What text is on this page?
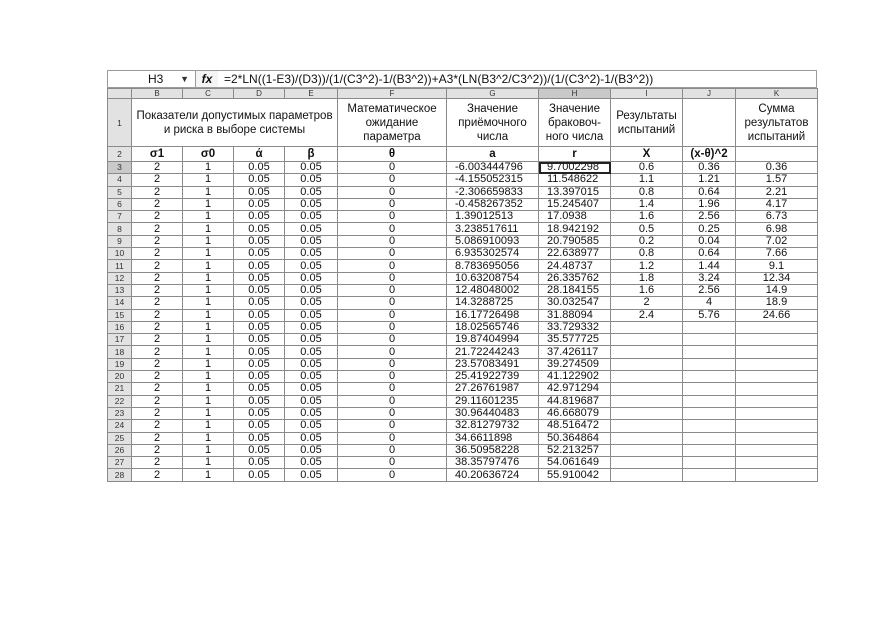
H3 ▼	fx =2*LN((1-E3)/(D3))/(1/(C3^2)-1/(B3^2))+A3*(LN(B3^2/C3^2))/(1/(C3^2)-1/(B3^2))
	B	C	D	E	F	G	H	I	J	K
1	Показатели допустимых параметров и риска в выборе системы				Математическое ожидание параметра	Значение приёмочного числа	Значение браковоч-ного числа	Результаты испытаний		Сумма результатов испытаний
2	σ1	σ0	ά	β	θ	a	r	X	(x-θ)^2	
3	2	1	0.05	0.05	0	-6.003444796	9.7002298	0.6	0.36	0.36
4	2	1	0.05	0.05	0	-4.155052315	11.548622	1.1	1.21	1.57
5	2	1	0.05	0.05	0	-2.306659833	13.397015	0.8	0.64	2.21
6	2	1	0.05	0.05	0	-0.458267352	15.245407	1.4	1.96	4.17
7	2	1	0.05	0.05	0	1.39012513	17.0938	1.6	2.56	6.73
8	2	1	0.05	0.05	0	3.238517611	18.942192	0.5	0.25	6.98
9	2	1	0.05	0.05	0	5.086910093	20.790585	0.2	0.04	7.02
10	2	1	0.05	0.05	0	6.935302574	22.638977	0.8	0.64	7.66
11	2	1	0.05	0.05	0	8.783695056	24.48737	1.2	1.44	9.1
12	2	1	0.05	0.05	0	10.63208754	26.335762	1.8	3.24	12.34
13	2	1	0.05	0.05	0	12.48048002	28.184155	1.6	2.56	14.9
14	2	1	0.05	0.05	0	14.3288725	30.032547	2	4	18.9
15	2	1	0.05	0.05	0	16.17726498	31.88094	2.4	5.76	24.66
16	2	1	0.05	0.05	0	18.02565746	33.729332			
17	2	1	0.05	0.05	0	19.87404994	35.577725			
18	2	1	0.05	0.05	0	21.72244243	37.426117			
19	2	1	0.05	0.05	0	23.57083491	39.274509			
20	2	1	0.05	0.05	0	25.41922739	41.122902			
21	2	1	0.05	0.05	0	27.26761987	42.971294			
22	2	1	0.05	0.05	0	29.11601235	44.819687			
23	2	1	0.05	0.05	0	30.96440483	46.668079			
24	2	1	0.05	0.05	0	32.81279732	48.516472			
25	2	1	0.05	0.05	0	34.6611898	50.364864			
26	2	1	0.05	0.05	0	36.50958228	52.213257			
27	2	1	0.05	0.05	0	38.35797476	54.061649			
28	2	1	0.05	0.05	0	40.20636724	55.910042			
